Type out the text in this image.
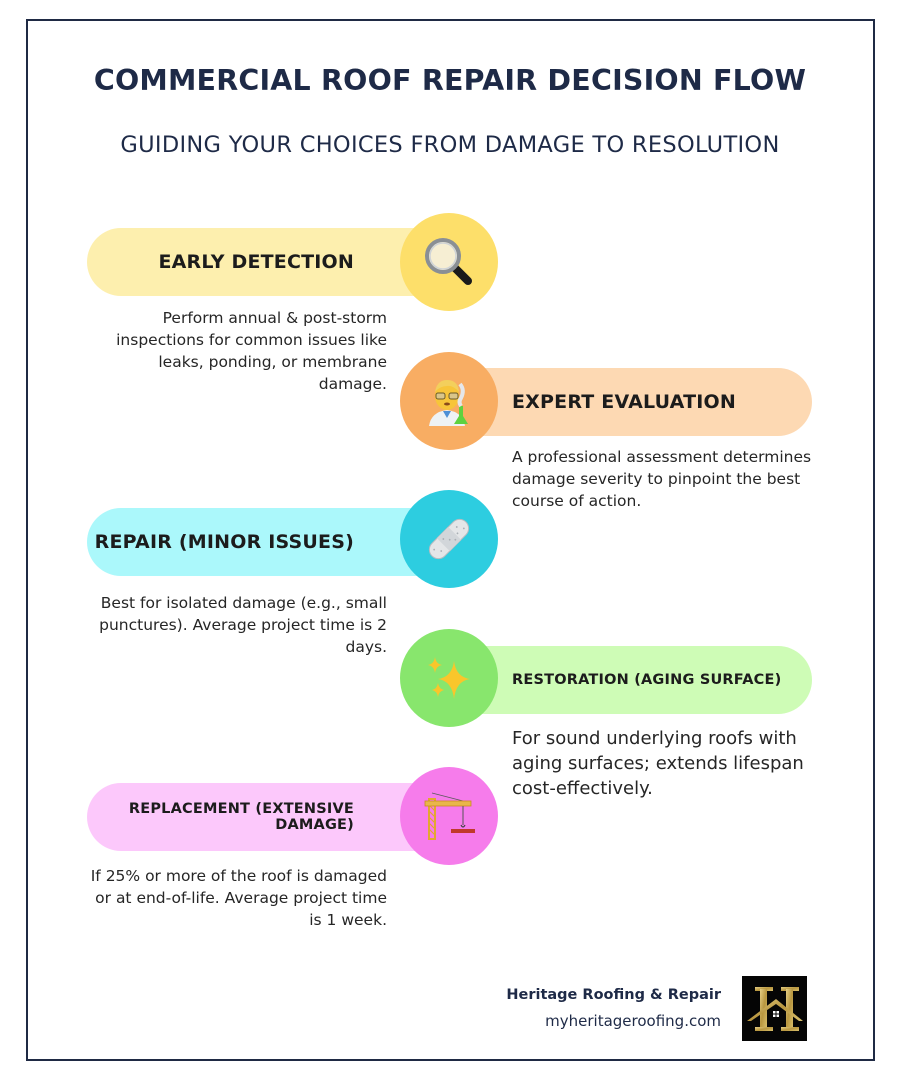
COMMERCIAL ROOF REPAIR DECISION FLOW
GUIDING YOUR CHOICES FROM DAMAGE TO RESOLUTION
EARLY DETECTION

Perform annual & post-storm inspections for common issues like leaks, ponding, or membrane damage.

EXPERT EVALUATION

A professional assessment determines damage severity to pinpoint the best course of action.

REPAIR (MINOR ISSUES)

Best for isolated damage (e.g., small punctures). Average project time is 2 days.

RESTORATION (AGING SURFACE)

For sound underlying roofs with aging surfaces; extends lifespan cost-effectively.

REPLACEMENT (EXTENSIVE DAMAGE)

If 25% or more of the roof is damaged or at end-of-life. Average project time is 1 week.

Heritage Roofing & Repair
myheritageroofing.com
